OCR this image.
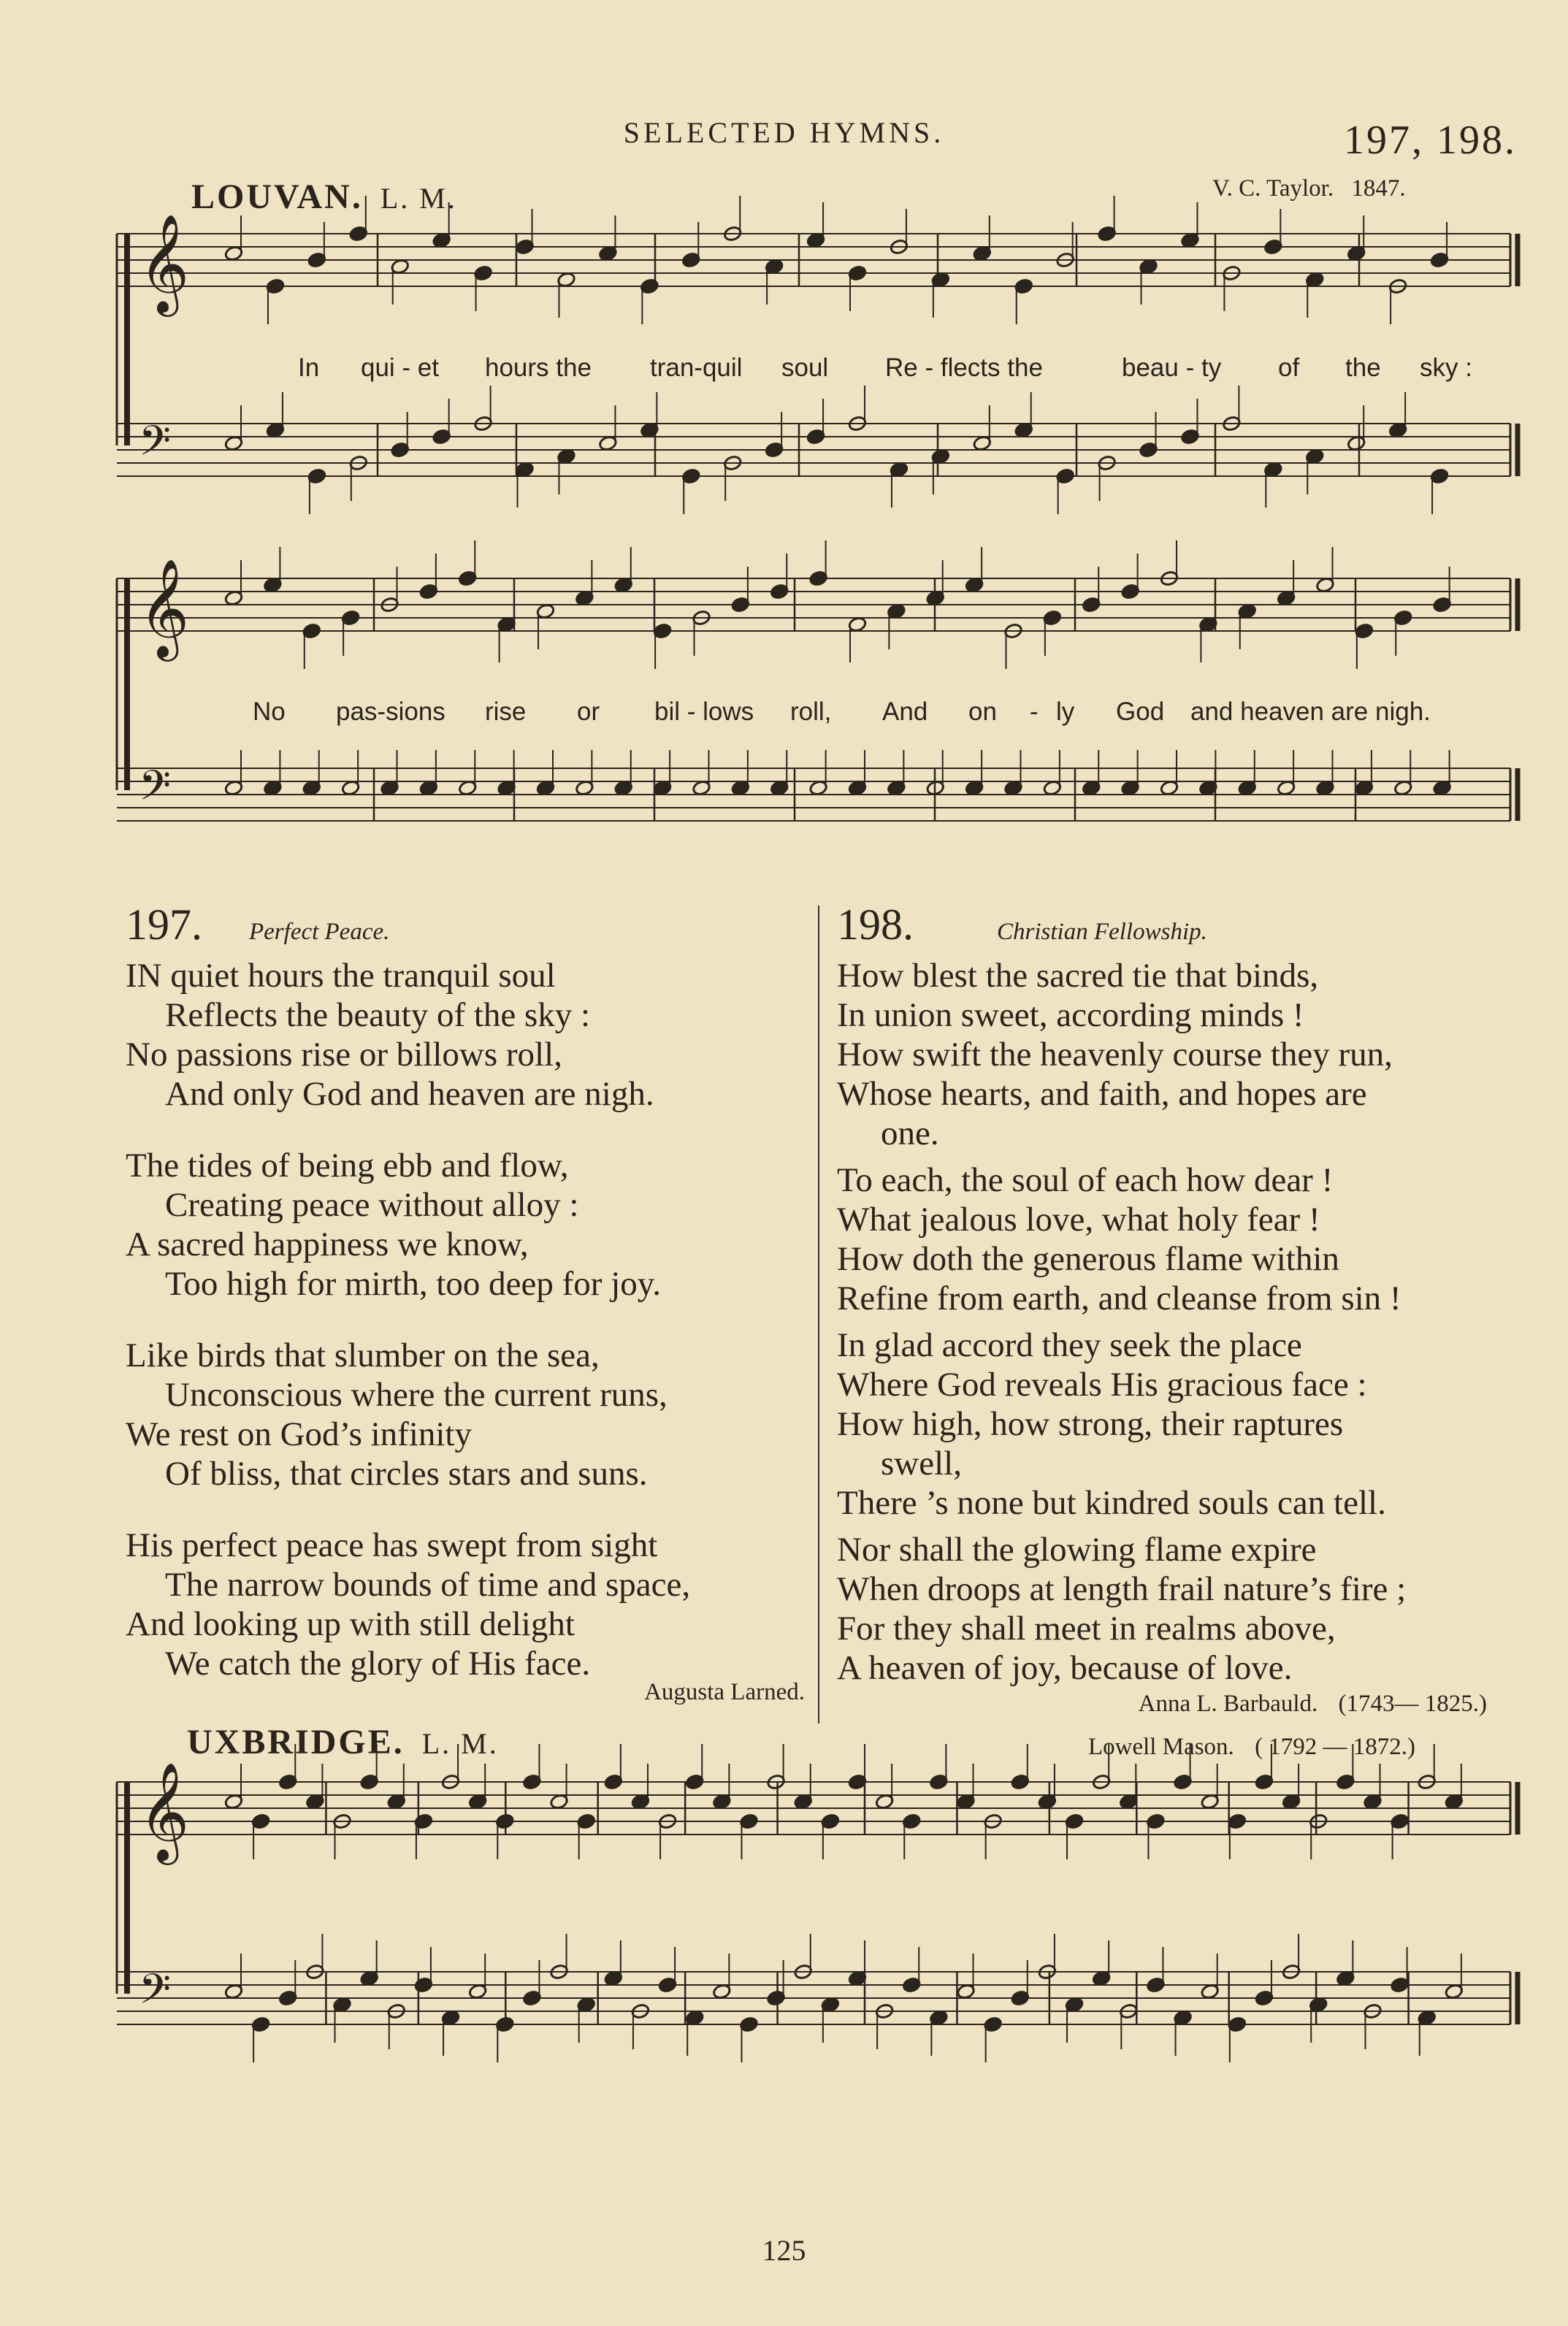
SELECTED HYMNS.	197, 198.
LOUVAN. L. M.	V. C. Taylor. 1847.
In qui - et hours the tran-quil soul Re - flects the	beau - ty of the sky :
No pas-sions rise or bil - lows roll, And on - ly God and heaven are nigh.
197. Perfect Peace.
IN quiet hours the tranquil soul
Reflects the beauty of the sky :
No passions rise or billows roll,
And only God and heaven are nigh.
The tides of being ebb and flow,
Creating peace without alloy :
A sacred happiness we know,
Too high for mirth, too deep for joy.
Like birds that slumber on the sea,
Unconscious where the current runs,
We rest on God’s infinity
Of bliss, that circles stars and suns.
His perfect peace has swept from sight
The narrow bounds of time and space,
And looking up with still delight
We catch the glory of His face.
Augusta Larned.
198.	Christian Fellowship.
How blest the sacred tie that binds,
In union sweet, according minds !
How swift the heavenly course they run,
Whose hearts, and faith, and hopes are
one.
To each, the soul of each how dear !
What jealous love, what holy fear !
How doth the generous flame within
Refine from earth, and cleanse from sin !
In glad accord they seek the place
Where God reveals His gracious face :
How high, how strong, their raptures
swell,
There ’s none but kindred souls can tell.
Nor shall the glowing flame expire
When droops at length frail nature’s fire ;
For they shall meet in realms above,
A heaven of joy, because of love.
Anna L. Barbauld. (1743— 1825.)
UXBRIDGE. L. M.	Lowell Mason. ( 1792 — 1872.)
125
𝄞
𝄢
𝄞
𝄢
𝄞
𝄢
